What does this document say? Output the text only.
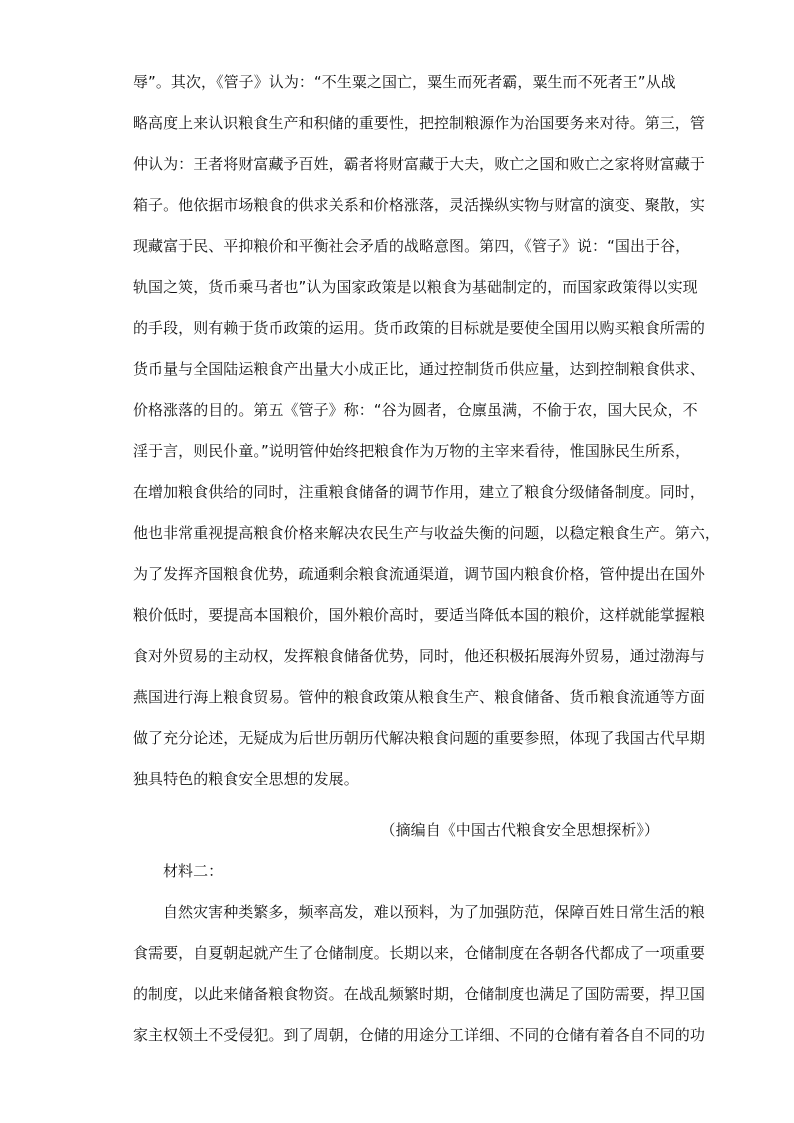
辱”。其次，《管子》认为：“不生粟之国亡，粟生而死者霸，粟生而不死者王”从战
略高度上来认识粮食生产和积储的重要性，把控制粮源作为治国要务来对待。第三，管
仲认为：王者将财富藏予百姓，霸者将财富藏于大夫，败亡之国和败亡之家将财富藏于
箱子。他依据市场粮食的供求关系和价格涨落，灵活操纵实物与财富的演变、聚散，实
现藏富于民、平抑粮价和平衡社会矛盾的战略意图。第四，《管子》说：“国出于谷，
轨国之筴，货币乘马者也”认为国家政策是以粮食为基础制定的，而国家政策得以实现
的手段，则有赖于货币政策的运用。货币政策的目标就是要使全国用以购买粮食所需的
货币量与全国陆运粮食产出量大小成正比，通过控制货币供应量，达到控制粮食供求、
价格涨落的目的。第五《管子》称：“谷为圆者，仓廪虽满，不偷于农，国大民众，不
淫于言，则民仆童。”说明管仲始终把粮食作为万物的主宰来看待，惟国脉民生所系，
在增加粮食供给的同时，注重粮食储备的调节作用，建立了粮食分级储备制度。同时，
他也非常重视提高粮食价格来解决农民生产与收益失衡的问题，以稳定粮食生产。第六，
为了发挥齐国粮食优势，疏通剩余粮食流通渠道，调节国内粮食价格，管仲提出在国外
粮价低时，要提高本国粮价，国外粮价高时，要适当降低本国的粮价，这样就能掌握粮
食对外贸易的主动权，发挥粮食储备优势，同时，他还积极拓展海外贸易，通过渤海与
燕国进行海上粮食贸易。管仲的粮食政策从粮食生产、粮食储备、货币粮食流通等方面
做了充分论述，无疑成为后世历朝历代解决粮食问题的重要参照，体现了我国古代早期
独具特色的粮食安全思想的发展。
（摘编自《中国古代粮食安全思想探析》）
材料二：
自然灾害种类繁多，频率高发，难以预料，为了加强防范，保障百姓日常生活的粮
食需要，自夏朝起就产生了仓储制度。长期以来，仓储制度在各朝各代都成了一项重要
的制度，以此来储备粮食物资。在战乱频繁时期，仓储制度也满足了国防需要，捍卫国
家主权领土不受侵犯。到了周朝，仓储的用途分工详细、不同的仓储有着各自不同的功
